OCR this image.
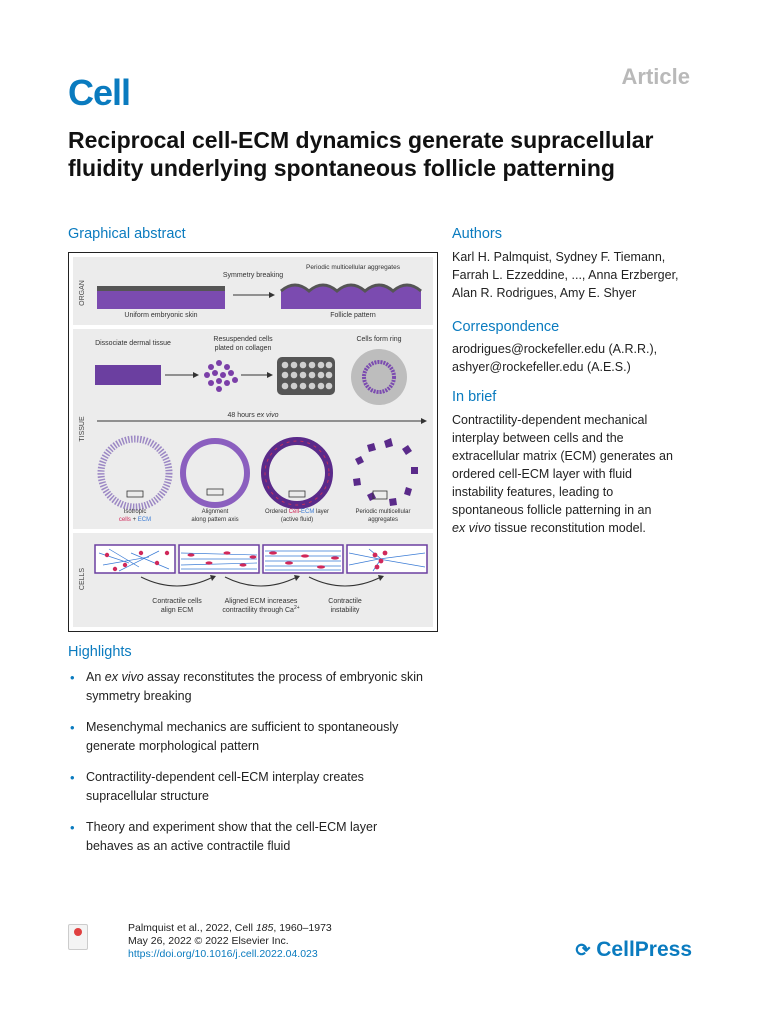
Cell	Article
Reciprocal cell-ECM dynamics generate supracellular fluidity underlying spontaneous follicle patterning
Graphical abstract
ORGAN
Uniform embryonic skin
Symmetry breaking
Periodic multicellular aggregates
Follicle pattern
TISSUE
Dissociate dermal tissue
Resuspended cells
plated on collagen
Cells form ring
48 hours ex vivo
Isotropic
cells + ECM
Alignment
along pattern axis
Ordered Cell-ECM layer
(active fluid)
Periodic multicellular
aggregates
CELLS
Contractile cells
align ECM
Aligned ECM increases
contractility through $Ca^{2+}$
Contractile
instability
Authors
Karl H. Palmquist, Sydney F. Tiemann,
Farrah L. Ezzeddine, ..., Anna Erzberger,
Alan R. Rodrigues, Amy E. Shyer
Correspondence
arodrigues@rockefeller.edu (A.R.R.),
ashyer@rockefeller.edu (A.E.S.)
In brief
Contractility-dependent mechanical
interplay between cells and the
extracellular matrix (ECM) generates an
ordered cell-ECM layer with fluid
instability features, leading to
spontaneous follicle patterning in an
ex vivo tissue reconstitution model.
Highlights
• An ex vivo assay reconstitutes the process of embryonic skin
symmetry breaking
• Mesenchymal mechanics are sufficient to spontaneously
generate morphological pattern
• Contractility-dependent cell-ECM interplay creates
supracellular structure
• Theory and experiment show that the cell-ECM layer
behaves as an active contractile fluid
Palmquist et al., 2022, Cell 185, 1960–1973
May 26, 2022 © 2022 Elsevier Inc.
https://doi.org/10.1016/j.cell.2022.04.023	⟳ CellPress
